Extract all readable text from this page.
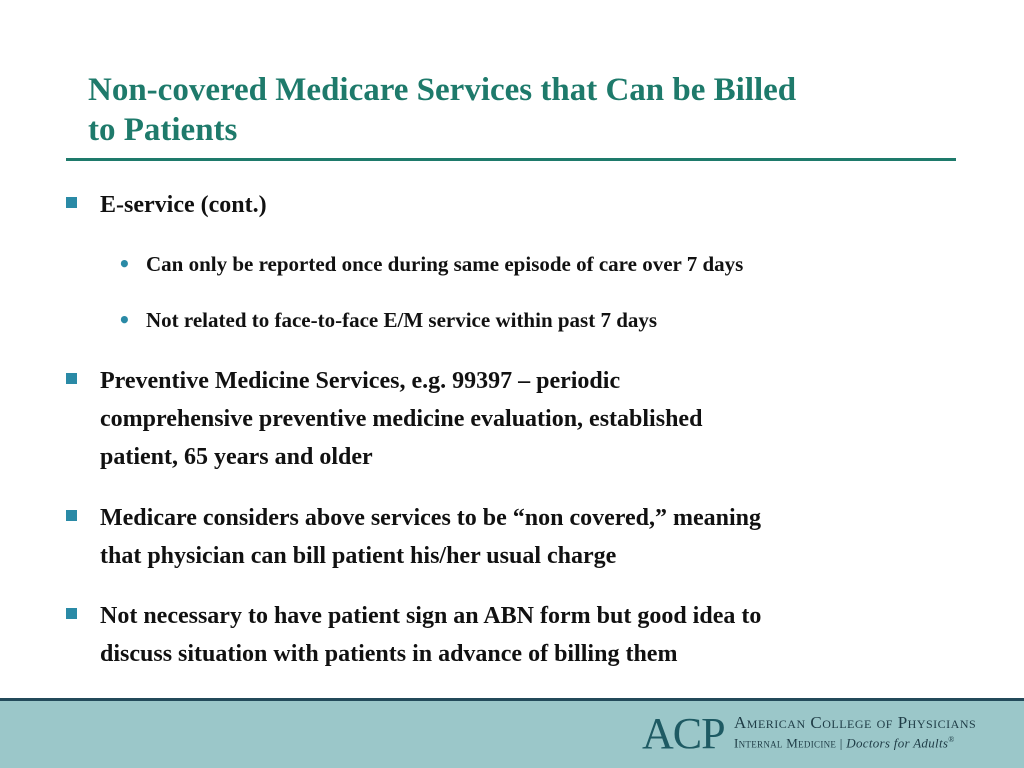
Non-covered Medicare Services that Can be Billed
to Patients
E-service (cont.)
• Can only be reported once during same episode of care over 7 days
• Not related to face-to-face E/M service within past 7 days
Preventive Medicine Services, e.g. 99397 – periodic
comprehensive preventive medicine evaluation, established
patient, 65 years and older
Medicare considers above services to be “non covered,” meaning
that physician can bill patient his/her usual charge
Not necessary to have patient sign an ABN form but good idea to
discuss situation with patients in advance of billing them
ACP American College of Physicians
Internal Medicine | Doctors for Adults®
